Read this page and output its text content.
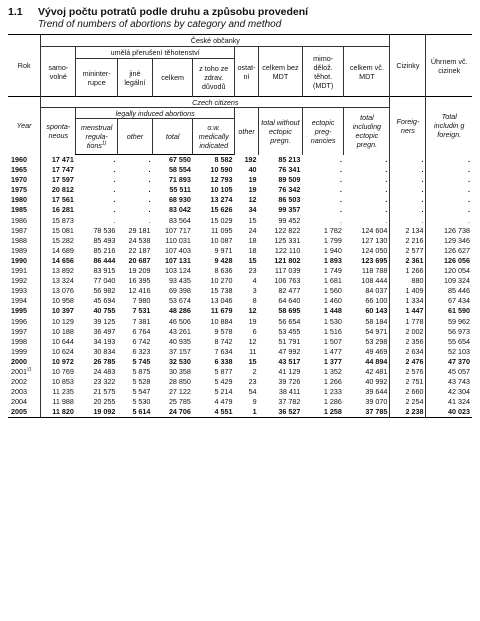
1.1 Vývoj počtu potratů podle druhu a způsobu provedení
Trend of numbers of abortions by category and method
Rok	České občanky									Cizinky	Úhrnem vč. cizinek
	samo-volné	umělá přerušení těhotenství				ostat-ní	celkem bez MDT	mimo-dělož. těhot. (MDT)	celkem vč. MDT		
		mininter-rupce	jiné legální	celkem	z toho ze zdrav. důvodů						
Year	Czech citizens									Foreig-ners	Total includin g foreign.
	sponta-neous	legally induced abortions				other	total without ectopic pregn.	ectopic preg-nancies	total including ectopic pregn.		
		menstrual regula-tions$^{1)}$	other	total	o.w. medically indicated						
1960	17 471	.	.	67 550	8 582	192	85 213	.	.	.	.
1965	17 747	.	.	58 554	10 590	40	76 341	.	.	.	.
1970	17 597	.	.	71 893	12 793	19	89 509	.	.	.	.
1975	20 812	.	.	55 511	10 105	19	76 342	.	.	.	.
1980	17 561	.	.	68 930	13 274	12	86 503	.	.	.	.
1985	16 281	.	.	83 042	15 626	34	99 357	.	.	.	.
1986	15 873	.	.	83 564	15 029	15	99 452	.	.	.	.
1987	15 081	78 536	29 181	107 717	11 095	24	122 822	1 782	124 604	2 134	126 738
1988	15 282	85 493	24 538	110 031	10 087	18	125 331	1 799	127 130	2 216	129 346
1989	14 689	85 216	22 187	107 403	9 971	18	122 110	1 940	124 050	2 577	126 627
1990	14 656	86 444	20 687	107 131	9 428	15	121 802	1 893	123 695	2 361	126 056
1991	13 892	83 915	19 209	103 124	8 636	23	117 039	1 749	118 788	1 266	120 054
1992	13 324	77 040	16 395	93 435	10 270	4	106 763	1 681	108 444	880	109 324
1993	13 076	56 982	12 416	69 398	15 738	3	82 477	1 560	84 037	1 409	85 446
1994	10 958	45 694	7 980	53 674	13 046	8	64 640	1 460	66 100	1 334	67 434
1995	10 397	40 755	7 531	48 286	11 679	12	58 695	1 448	60 143	1 447	61 590
1996	10 129	39 125	7 381	46 506	10 884	19	56 654	1 530	58 184	1 778	59 962
1997	10 188	36 497	6 764	43 261	9 578	6	53 455	1 516	54 971	2 002	56 973
1998	10 644	34 193	6 742	40 935	8 742	12	51 791	1 507	53 298	2 356	55 654
1999	10 624	30 834	6 323	37 157	7 634	11	47 992	1 477	49 469	2 634	52 103
2000	10 972	26 785	5 745	32 530	6 338	15	43 517	1 377	44 894	2 476	47 370
2001$^{2)}$	10 769	24 483	5 875	30 358	5 877	2	41 129	1 352	42 481	2 576	45 057
2002	10 853	23 322	5 528	28 850	5 429	23	39 726	1 266	40 992	2 751	43 743
2003	11 235	21 575	5 547	27 122	5 214	54	38 411	1 233	39 644	2 660	42 304
2004	11 988	20 255	5 530	25 785	4 479	9	37 782	1 286	39 070	2 254	41 324
2005	11 820	19 092	5 614	24 706	4 551	1	36 527	1 258	37 785	2 238	40 023
